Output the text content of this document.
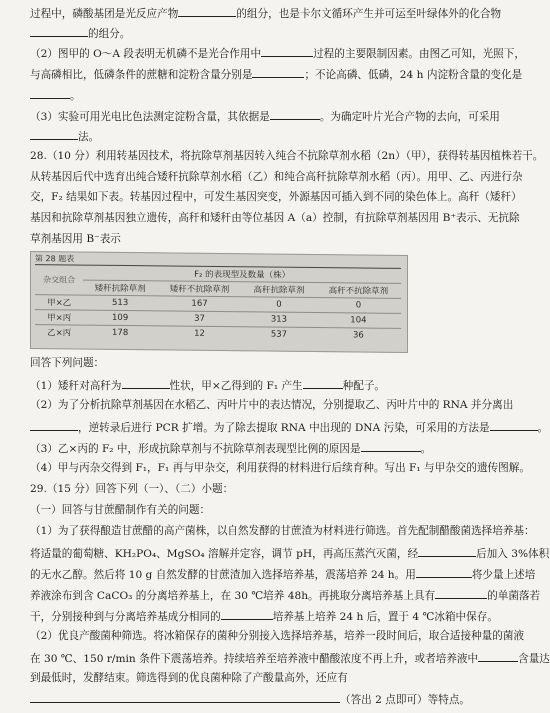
过程中，磷酸基团是光反应产物	的组分，也是卡尔文循环产生并可运至叶绿体外的化合物
的组分。
（2）图甲的 O～A 段表明无机磷不是光合作用中	过程的主要限制因素。由图乙可知，光照下，
与高磷相比，低磷条件的蔗糖和淀粉含量分别是	；不论高磷、低磷，24 h 内淀粉含量的变化是
。
（3）实验可用光电比色法测定淀粉含量，其依据是	。为确定叶片光合产物的去向，可采用
法。
28.（10 分）利用转基因技术，将抗除草剂基因转入纯合不抗除草剂水稻（2n）（甲），获得转基因植株若干。
从转基因后代中选育出纯合矮秆抗除草剂水稻（乙）和纯合高秆抗除草剂水稻（丙）。用甲、乙、丙进行杂
交，F₂ 结果如下表。转基因过程中，可发生基因突变，外源基因可插入到不同的染色体上。高秆（矮秆）
基因和抗除草剂基因独立遗传，高秆和矮秆由等位基因 A（a）控制，有抗除草剂基因用 B⁺表示、无抗除
草剂基因用 B⁻表示
第 28 题表
杂交组合	F₂ 的表现型及数量（株）			
	矮秆抗除草剂	矮秆不抗除草剂	高秆抗除草剂	高秆不抗除草剂
甲×乙	513	167	0	0
甲×丙	109	37	313	104
乙×丙	178	12	537	36
回答下列问题：
（1）矮秆对高秆为	性状，甲×乙得到的 F₁ 产生	种配子。
（2）为了分析抗除草剂基因在水稻乙、丙叶片中的表达情况，分别提取乙、丙叶片中的 RNA 并分离出
，逆转录后进行 PCR 扩增。为了除去提取 RNA 中出现的 DNA 污染，可采用的方法是	。
（3）乙×丙的 F₂ 中，形成抗除草剂与不抗除草剂表现型比例的原因是	。
（4）甲与丙杂交得到 F₁，F₁ 再与甲杂交，利用获得的材料进行后续育种。写出 F₁ 与甲杂交的遗传图解。
29.（15 分）回答下列（一）、（二）小题：
（一）回答与甘蔗醋制作有关的问题：
（1）为了获得酿造甘蔗醋的高产菌株，以自然发酵的甘蔗渣为材料进行筛选。首先配制醋酸菌选择培养基：
将适量的葡萄糖、KH₂PO₄、MgSO₄ 溶解并定容，调节 pH，再高压蒸汽灭菌，经	后加入 3%体积
的无水乙醇。然后将 10 g 自然发酵的甘蔗渣加入选择培养基，震荡培养 24 h。用	将少量上述培
养液涂布到含 CaCO₃ 的分离培养基上，在 30 ℃培养 48h。再挑取分离培养基上具有	的单菌落若
干，分别接种到与分离培养基成分相同的	培养基上培养 24 h 后，置于 4 ℃冰箱中保存。
（2）优良产酸菌种筛选。将冰箱保存的菌种分别接入选择培养基，培养一段时间后，取合适接种量的菌液
在 30 ℃、150 r/min 条件下震荡培养。持续培养至培养液中醋酸浓度不再上升，或者培养液中	含量达
到最低时，发酵结束。筛选得到的优良菌种除了产酸量高外，还应有
（答出 2 点即可）等特点。
